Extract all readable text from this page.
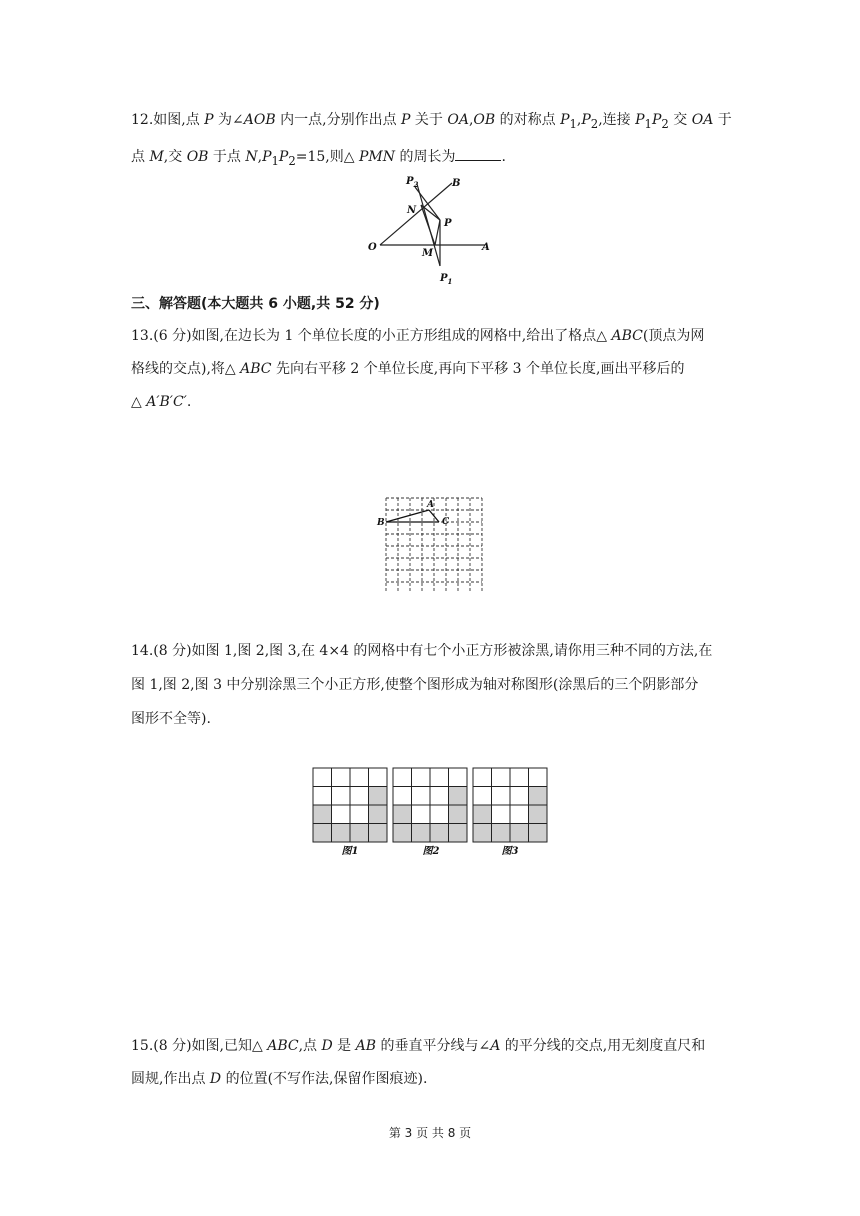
12.如图,点 P 为∠AOB 内一点,分别作出点 P 关于 OA,OB 的对称点 $P_1,P_2$,连接 $P_1P_2$ 交 OA 于
点 M,交 OB 于点 $N,P_1P_2=15$,则△ PMN 的周长为	.
$P_2$	B
N
P
O
M
A
$P_1$
三、解答题(本大题共 6 小题,共 52 分)
13.(6 分)如图,在边长为 1 个单位长度的小正方形组成的网格中,给出了格点△ ABC(顶点为网
格线的交点),将△ ABC 先向右平移 2 个单位长度,再向下平移 3 个单位长度,画出平移后的
△ A′B′C′.
A
B	C
14.(8 分)如图 1,图 2,图 3,在 4×4 的网格中有七个小正方形被涂黑,请你用三种不同的方法,在
图 1,图 2,图 3 中分别涂黑三个小正方形,使整个图形成为轴对称图形(涂黑后的三个阴影部分
图形不全等).
图1	图2	图3
15.(8 分)如图,已知△ ABC,点 D 是 AB 的垂直平分线与∠A 的平分线的交点,用无刻度直尺和
圆规,作出点 D 的位置(不写作法,保留作图痕迹).
第 3 页 共 8 页
